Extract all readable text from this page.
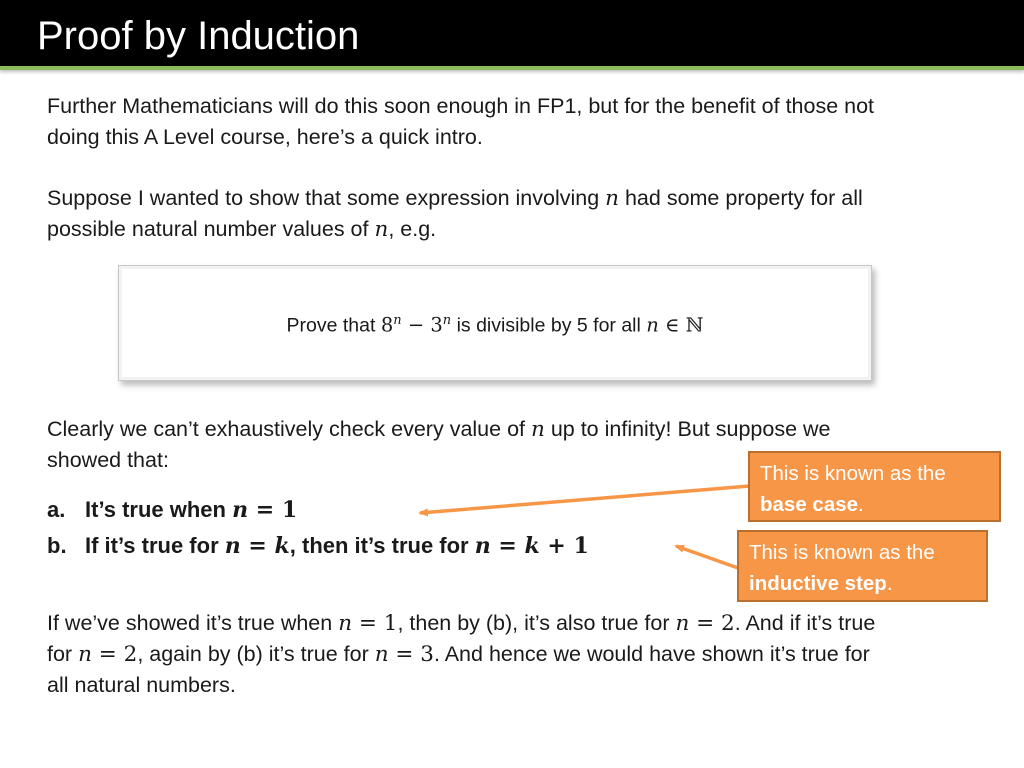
Proof by Induction

Further Mathematicians will do this soon enough in FP1, but for the benefit of those not
doing this A Level course, here’s a quick intro.

Suppose I wanted to show that some expression involving n had some property for all
possible natural number values of n, e.g.

Prove that $8^n - 3^n$ is divisible by 5 for all n ∈ ℕ

Clearly we can’t exhaustively check every value of n up to infinity! But suppose we
showed that:

a. It’s true when n = 1
b. If it’s true for n = k, then it’s true for n = k + 1
This is known as the
base case.
This is known as the
inductive step.

If we’ve showed it’s true when n = 1, then by (b), it’s also true for n = 2. And if it’s true
for n = 2, again by (b) it’s true for n = 3. And hence we would have shown it’s true for
all natural numbers.
